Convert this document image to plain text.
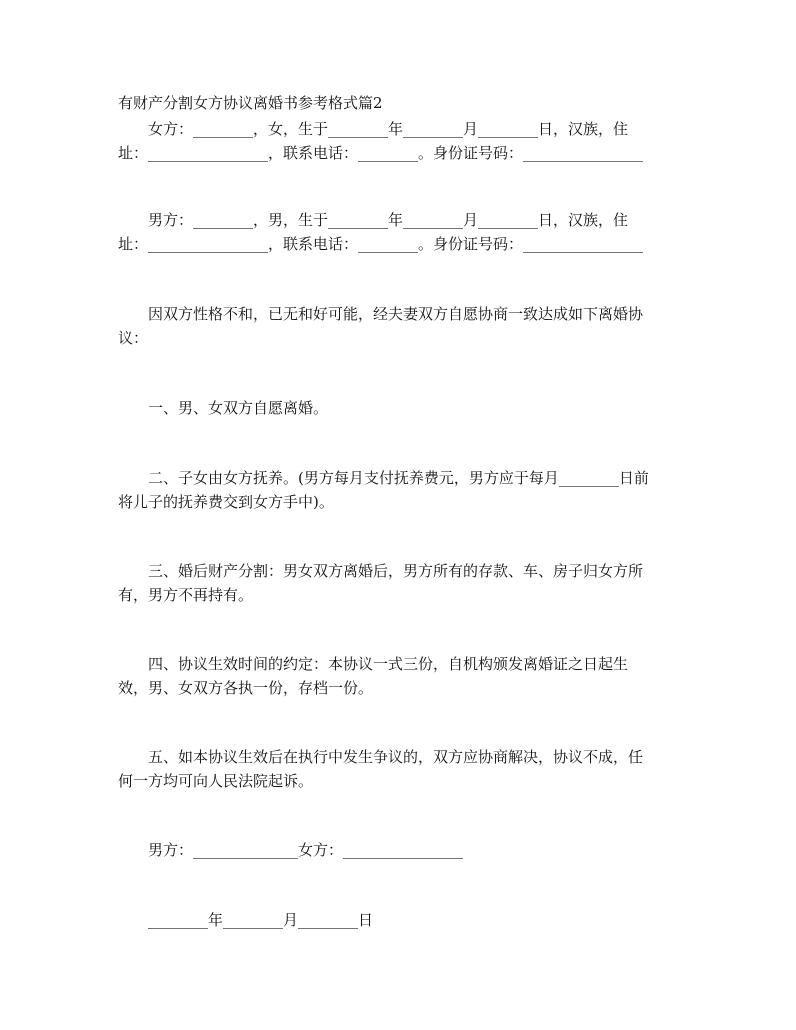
有财产分割女方协议离婚书参考格式篇2
女方：________，女，生于________年________月________日，汉族，住
址：________________，联系电话：________。身份证号码：________________
男方：________，男，生于________年________月________日，汉族，住
址：________________，联系电话：________。身份证号码：________________
因双方性格不和，已无和好可能，经夫妻双方自愿协商一致达成如下离婚协
议：
一、男、女双方自愿离婚。
二、子女由女方抚养。(男方每月支付抚养费元，男方应于每月________日前
将儿子的抚养费交到女方手中)。
三、婚后财产分割：男女双方离婚后，男方所有的存款、车、房子归女方所
有，男方不再持有。
四、协议生效时间的约定：本协议一式三份，自机构颁发离婚证之日起生
效，男、女双方各执一份，存档一份。
五、如本协议生效后在执行中发生争议的，双方应协商解决，协议不成，任
何一方均可向人民法院起诉。
男方：______________女方：________________
________年________月________日
